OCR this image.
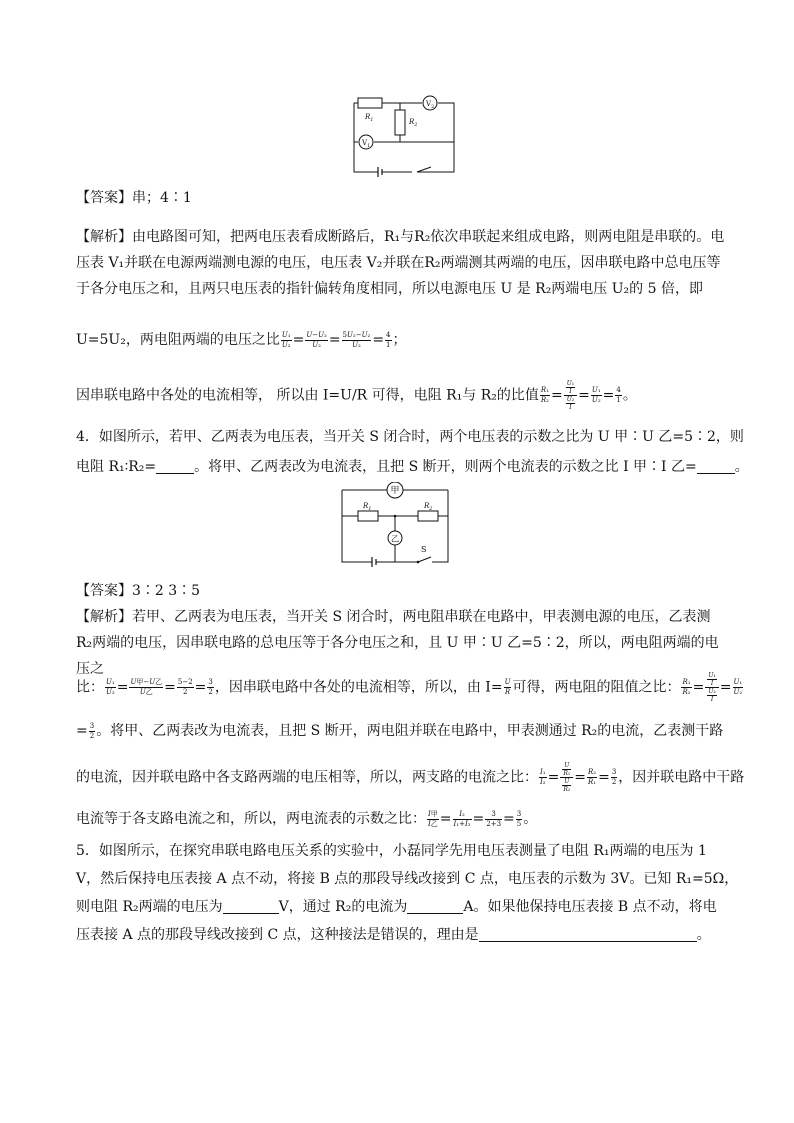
$R_1$	$R_2$
$V_2$
$V_1$

【答案】串；4∶1

【解析】由电路图可知，把两电压表看成断路后，R₁与R₂依次串联起来组成电路，则两电阻是串联的。电压表 V₁并联在电源两端测电源的电压，电压表 V₂并联在R₂两端测其两端的电压，因串联电路中总电压等于各分电压之和，且两只电压表的指针偏转角度相同，所以电源电压 U 是 R₂两端电压 U₂的 5 倍，即

U=5U₂，两电阻两端的电压之比 $\frac{\text{U₁}}{\text{U₂}} = \frac{\text{U−U₂}}{\text{U₂}} = \frac{\text{5U₂−U₂}}{\text{U₂}} = \frac{4}{1}$ ；

因串联电路中各处的电流相等， 所以由 I=U/R 可得，电阻 R₁与 R₂的比值 $\frac{\text{R₁}}{\text{R₂}} = \frac{\frac{\text{U₁}}{I}}{\frac{\text{U₂}}{I}} = \frac{\text{U₁}}{\text{U₂}} = \frac{4}{1}$ 。

4．如图所示，若甲、乙两表为电压表，当开关 S 闭合时，两个电压表的示数之比为 U 甲∶U 乙=5∶2，则

电阻 R₁∶R₂=	。将甲、乙两表改为电流表，且把 S 断开，则两个电流表的示数之比 I 甲∶I 乙=	。

甲
乙
$R_1$	$R_2$
S

【答案】3∶2 3∶5

【解析】若甲、乙两表为电压表，当开关 S 闭合时，两电阻串联在电路中，甲表测电源的电压，乙表测 R₂两端的电压，因串联电路的总电压等于各分电压之和，且 U 甲∶U 乙=5∶2，所以，两电阻两端的电压之

比： $\frac{\text{U₁}}{\text{U₂}} = \frac{\text{U甲−U乙}}{\text{U乙}} = \frac{5-2}{2} = \frac{3}{2}$ ，因串联电路中各处的电流相等，所以，由 $I= \frac{U}{R}$ 可得，两电阻的阻值之比： $\frac{\text{R₁}}{\text{R₂}} = \frac{\frac{\text{U₁}}{I}}{\frac{\text{U₂}}{I}} = \frac{\text{U₁}}{\text{U₂}}$

= $\frac{3}{2}$ 。将甲、乙两表改为电流表，且把 S 断开，两电阻并联在电路中，甲表测通过 R₂的电流，乙表测干路

的电流，因并联电路中各支路两端的电压相等，所以，两支路的电流之比： $\frac{\text{I₁}}{\text{I₂}} = \frac{\frac{U}{\text{R₁}}}{\frac{U}{\text{R₂}}} = \frac{\text{R₂}}{\text{R₁}} = \frac{3}{2}$ ，因并联电路中干路

电流等于各支路电流之和，所以，两电流表的示数之比： $\frac{\text{I甲}}{\text{I乙}} = \frac{\text{I₂}}{\text{I₁+I₂}} = \frac{3}{2+3} = \frac{3}{5}$ 。

5．如图所示，在探究串联电路电压关系的实验中，小磊同学先用电压表测量了电阻 R₁两端的电压为 1

V，然后保持电压表接 A 点不动，将接 B 点的那段导线改接到 C 点，电压表的示数为 3V。已知 R₁=5Ω，

则电阻 R₂两端的电压为	V，通过 R₂的电流为	A。如果他保持电压表接 B 点不动，将电

压表接 A 点的那段导线改接到 C 点，这种接法是错误的，理由是	。
